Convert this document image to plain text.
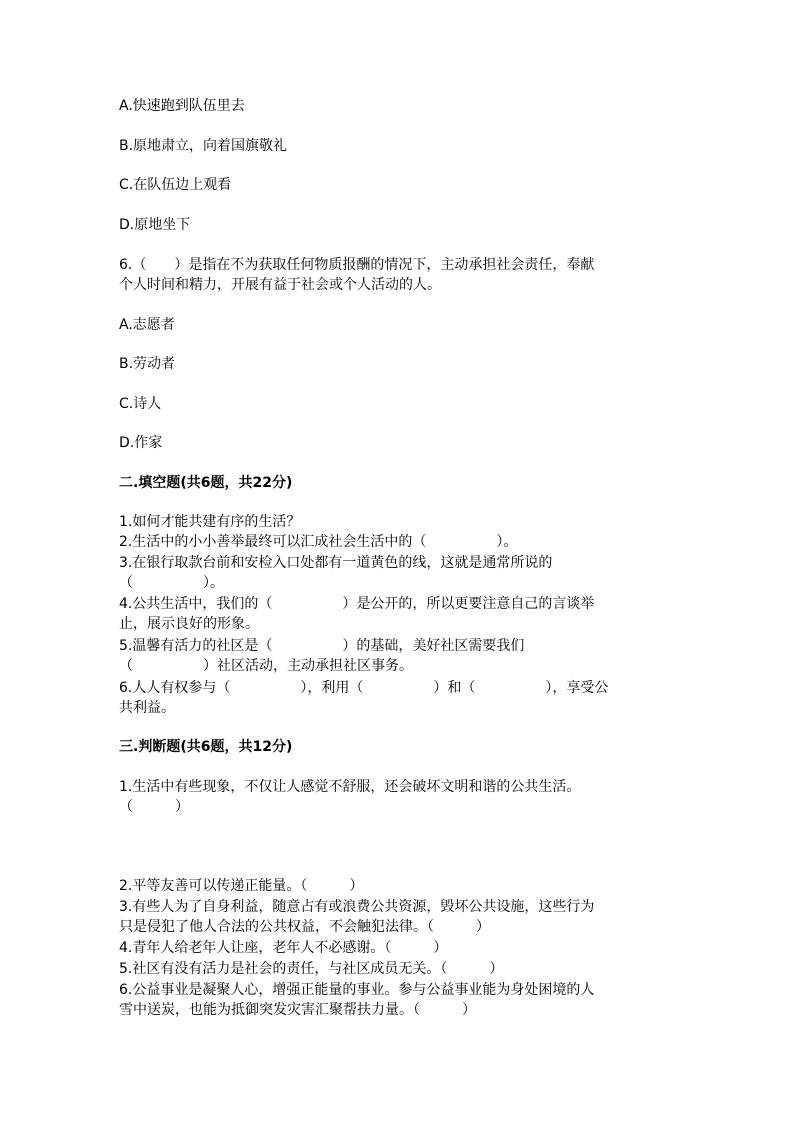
A.快速跑到队伍里去
B.原地肃立，向着国旗敬礼
C.在队伍边上观看
D.原地坐下
6.（　　）是指在不为获取任何物质报酬的情况下，主动承担社会责任，奉献
个人时间和精力，开展有益于社会或个人活动的人。
A.志愿者
B.劳动者
C.诗人
D.作家
二.填空题(共6题，共22分)
1.如何才能共建有序的生活？
2.生活中的小小善举最终可以汇成社会生活中的（　　　　　）。
3.在银行取款台前和安检入口处都有一道黄色的线，这就是通常所说的
（　　　　　）。
4.公共生活中，我们的（　　　　　）是公开的，所以更要注意自己的言谈举
止，展示良好的形象。
5.温馨有活力的社区是（　　　　　）的基础，美好社区需要我们
（　　　　　）社区活动，主动承担社区事务。
6.人人有权参与（　　　　　），利用（　　　　　）和（　　　　　），享受公
共利益。
三.判断题(共6题，共12分)
1.生活中有些现象，不仅让人感觉不舒服，还会破坏文明和谐的公共生活。
（　　　）
2.平等友善可以传递正能量。（　　　）
3.有些人为了自身利益，随意占有或浪费公共资源，毁坏公共设施，这些行为
只是侵犯了他人合法的公共权益，不会触犯法律。（　　　）
4.青年人给老年人让座，老年人不必感谢。（　　　）
5.社区有没有活力是社会的责任，与社区成员无关。（　　　）
6.公益事业是凝聚人心，增强正能量的事业。参与公益事业能为身处困境的人
雪中送炭，也能为抵御突发灾害汇聚帮扶力量。（　　　）
